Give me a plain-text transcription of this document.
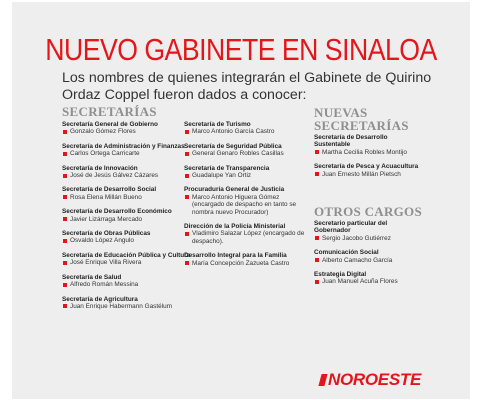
NUEVO GABINETE EN SINALOA
Los nombres de quienes integrarán el Gabinete de Quirino Ordaz Coppel fueron dados a conocer:
SECRETARÍAS
Secretaría General de Gobierno
Gonzalo Gómez Flores
Secretaría de Administración y Finanzas
Carlos Ortega Carricarte
Secretaría de Innovación
José de Jesús Gálvez Cázares
Secretaría de Desarrollo Social
Rosa Elena Millán Bueno
Secretaría de Desarrollo Económico
Javier Lizárraga Mercado
Secretaría de Obras Públicas
Osvaldo López Angulo
Secretaría de Educación Pública y Cultura
José Enrique Villa Rivera
Secretaría de Salud
Alfredo Román Messina
Secretaría de Agricultura
Juan Enrique Habermann Gastélum
Secretaría de Turismo
Marco Antonio García Castro
Secretaría de Seguridad Pública
General Genaro Robles Casillas
Secretaría de Transparencia
Guadalupe Yan Ortiz
Procuraduría General de Justicia
Marco Antonio Higuera Gómez (encargado de despacho en tanto se nombra nuevo Procurador)
Dirección de la Policía Ministerial
Vladimiro Salazar López (encargado de despacho).
Desarrollo Integral para la Familia
María Concepción Zazueta Castro
NUEVAS
SECRETARÍAS
Secretaría de Desarrollo Sustentable
Martha Cecilia Robles Montijo
Secretaría de Pesca y Acuacultura
Juan Ernesto Millán Pietsch
OTROS CARGOS
Secretario particular del Gobernador
Sergio Jacobo Gutiérrez
Comunicación Social
Alberto Camacho García
Estrategia Digital
Juan Manuel Acuña Flores
NOROESTE
